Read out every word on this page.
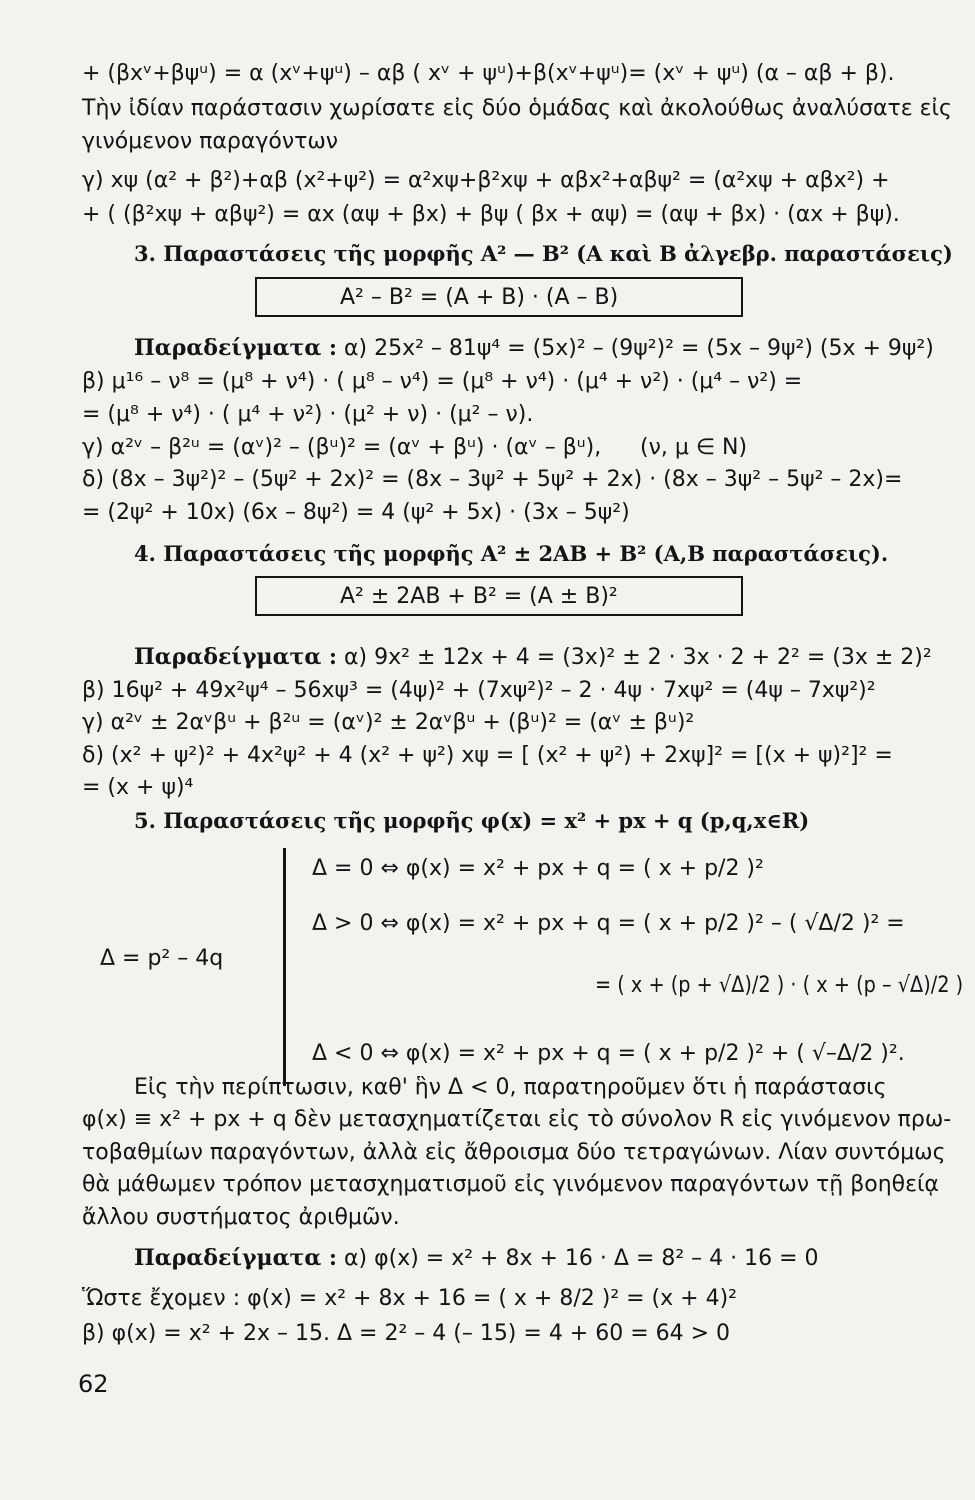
+ (βxᵛ+βψᵘ) = α (xᵛ+ψᵘ) – αβ ( xᵛ + ψᵘ)+β(xᵛ+ψᵘ)= (xᵛ + ψᵘ) (α – αβ + β).
Τὴν ἰδίαν παράστασιν χωρίσατε εἰς δύο ὁμάδας καὶ ἀκολούθως ἀναλύσατε εἰς
γινόμενον παραγόντων
γ) xψ (α² + β²)+αβ (x²+ψ²) = α²xψ+β²xψ + αβx²+αβψ² = (α²xψ + αβx²) +
+ ( (β²xψ + αβψ²) = αx (αψ + βx) + βψ ( βx + αψ) = (αψ + βx) · (αx + βψ).
3. Παραστάσεις τῆς μορφῆς A² — B² (A καὶ B ἀλγεβρ. παραστάσεις)
A² – B² = (A + B) · (A – B)
Παραδείγματα : α) 25x² – 81ψ⁴ = (5x)² – (9ψ²)² = (5x – 9ψ²) (5x + 9ψ²)
β) μ¹⁶ – ν⁸ = (μ⁸ + ν⁴) · ( μ⁸ – ν⁴) = (μ⁸ + ν⁴) · (μ⁴ + ν²) · (μ⁴ – ν²) =
= (μ⁸ + ν⁴) · ( μ⁴ + ν²) · (μ² + ν) · (μ² – ν).
γ) α²ᵛ – β²ᵘ = (αᵛ)² – (βᵘ)² = (αᵛ + βᵘ) · (αᵛ – βᵘ), (ν, μ ∈ N)
δ) (8x – 3ψ²)² – (5ψ² + 2x)² = (8x – 3ψ² + 5ψ² + 2x) · (8x – 3ψ² – 5ψ² – 2x)=
= (2ψ² + 10x) (6x – 8ψ²) = 4 (ψ² + 5x) · (3x – 5ψ²)
4. Παραστάσεις τῆς μορφῆς A² ± 2AB + B² (A,B παραστάσεις).
A² ± 2AB + B² = (A ± B)²
Παραδείγματα : α) 9x² ± 12x + 4 = (3x)² ± 2 · 3x · 2 + 2² = (3x ± 2)²
β) 16ψ² + 49x²ψ⁴ – 56xψ³ = (4ψ)² + (7xψ²)² – 2 · 4ψ · 7xψ² = (4ψ – 7xψ²)²
γ) α²ᵛ ± 2αᵛβᵘ + β²ᵘ = (αᵛ)² ± 2αᵛβᵘ + (βᵘ)² = (αᵛ ± βᵘ)²
δ) (x² + ψ²)² + 4x²ψ² + 4 (x² + ψ²) xψ = [ (x² + ψ²) + 2xψ]² = [(x + ψ)²]² =
= (x + ψ)⁴
5. Παραστάσεις τῆς μορφῆς φ(x) = x² + px + q (p,q,x∈R)
Δ = p² – 4q
Δ = 0 ⇔ φ(x) = x² + px + q = ( x + p/2 )²
Δ > 0 ⇔ φ(x) = x² + px + q = ( x + p/2 )² – ( √Δ/2 )² =
= ( x + (p + √Δ)/2 ) · ( x + (p – √Δ)/2 )
Δ < 0 ⇔ φ(x) = x² + px + q = ( x + p/2 )² + ( √–Δ/2 )².
Εἰς τὴν περίπτωσιν, καθ' ἣν Δ < 0, παρατηροῦμεν ὅτι ἡ παράστασις
φ(x) ≡ x² + px + q δὲν μετασχηματίζεται εἰς τὸ σύνολον R εἰς γινόμενον πρω-
τοβαθμίων παραγόντων, ἀλλὰ εἰς ἄθροισμα δύο τετραγώνων. Λίαν συντόμως
θὰ μάθωμεν τρόπον μετασχηματισμοῦ εἰς γινόμενον παραγόντων τῇ βοηθείᾳ
ἄλλου συστήματος ἀριθμῶν.
Παραδείγματα : α) φ(x) = x² + 8x + 16 · Δ = 8² – 4 · 16 = 0
Ὥστε ἔχομεν : φ(x) = x² + 8x + 16 = ( x + 8/2 )² = (x + 4)²
β) φ(x) = x² + 2x – 15. Δ = 2² – 4 (– 15) = 4 + 60 = 64 > 0
62
